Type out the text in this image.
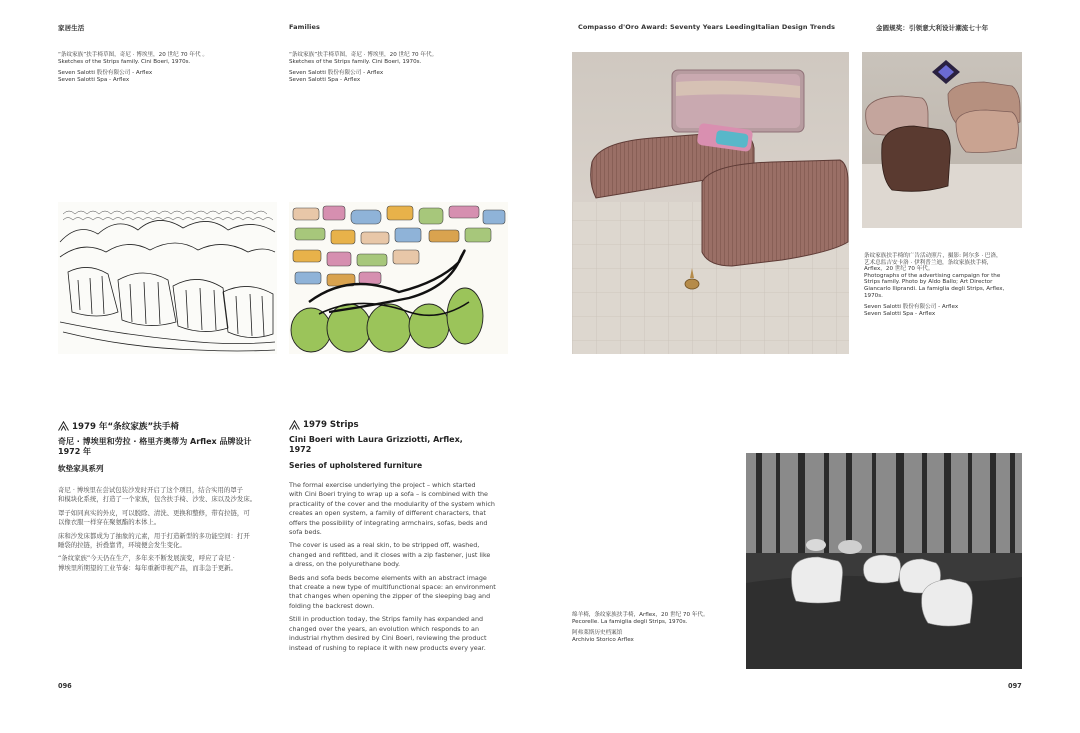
家居生活	Families	Compasso d'Oro Award: Seventy Years LeedingItalian Design Trends	金圆规奖：引领意大利设计潮流七十年
“条纹家族”扶手椅草图，奇尼 · 博埃里，20 世纪 70 年代 。
Sketches of the Strips family. Cini Boeri, 1970s.
Seven Salotti 股份有限公司 - Arflex
Seven Salotti Spa - Arflex
“条纹家族”扶手椅草图，奇尼 · 博埃里，20 世纪 70 年代。
Sketches of the Strips family. Cini Boeri, 1970s.
Seven Salotti 股份有限公司 - Arflex
Seven Salotti Spa - Arflex
条纹家族扶手椅的广告活动照片，摄影: 阿尔多 · 巴洛，
艺术总监吉安卡洛 · 伊利普兰迪，条纹家族扶手椅，
Arflex，20 世纪 70 年代。
Photographs of the advertising campaign for the
Strips family. Photo by Aldo Ballo; Art Director
Giancarlo Iliprandi. La famiglia degli Strips, Arflex,
1970s.
Seven Salotti 股份有限公司 - Arflex
Seven Salotti Spa - Arflex
1979 年“条纹家族”扶手椅
奇尼 · 博埃里和劳拉 · 格里齐奥蒂为 Arflex 品牌设计
1972 年
软垫家具系列

奇尼 · 博埃里在尝试包装沙发时开启了这个项目，结合实用的罩子
和模块化系统，打造了一个家族，包含扶手椅、沙发、床以及沙发床。

罩子如同真实的外皮，可以脱除、清洗、更换和整修，带有拉链，可
以像衣服一样穿在聚氨酯的本体上。

床和沙发床都成为了抽象的元素，用于打造新型的多功能空间：打开
睡袋的拉链，折叠靠背，环境便会发生变化。

“条纹家族”今天仍在生产，多年来不断发展演变，呼应了奇尼 ·
博埃里所期望的工业节奏：每年重新审视产品，而非急于更新。

1979 Strips
Cini Boeri with Laura Grizziotti, Arflex,
1972
Series of upholstered furniture

The formal exercise underlying the project – which started
with Cini Boeri trying to wrap up a sofa – is combined with the
practicality of the cover and the modularity of the system which
creates an open system, a family of different characters, that
offers the possibility of integrating armchairs, sofas, beds and
sofa beds.

The cover is used as a real skin, to be stripped off, washed,
changed and refitted, and it closes with a zip fastener, just like
a dress, on the polyurethane body.

Beds and sofa beds become elements with an abstract image
that create a new type of multifunctional space: an environment
that changes when opening the zipper of the sleeping bag and
folding the backrest down.

Still in production today, the Strips family has expanded and
changed over the years, an evolution which responds to an
industrial rhythm desired by Cini Boeri, reviewing the product
instead of rushing to replace it with new products every year.

绵羊椅，条纹家族扶手椅，Arflex，20 世纪 70 年代。
Pecorelle. La famiglia degli Strips, 1970s.
阿弗莱斯历史档案馆
Archivio Storico Arflex
096	097
